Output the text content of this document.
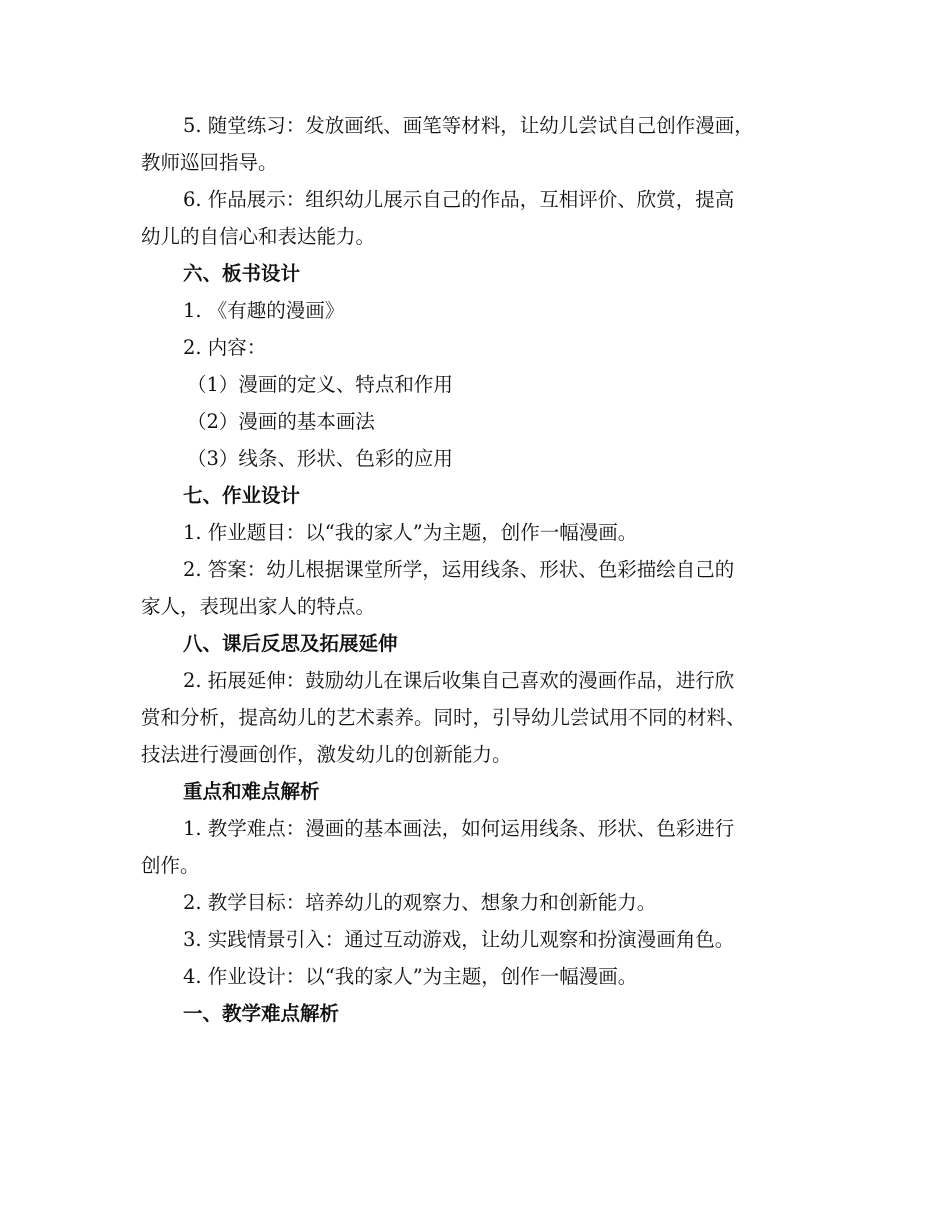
5. 随堂练习：发放画纸、画笔等材料，让幼儿尝试自己创作漫画，
教师巡回指导。
6. 作品展示：组织幼儿展示自己的作品，互相评价、欣赏，提高
幼儿的自信心和表达能力。
六、板书设计
1. 《有趣的漫画》
2. 内容：
（1）漫画的定义、特点和作用
（2）漫画的基本画法
（3）线条、形状、色彩的应用
七、作业设计
1. 作业题目：以“我的家人”为主题，创作一幅漫画。
2. 答案：幼儿根据课堂所学，运用线条、形状、色彩描绘自己的
家人，表现出家人的特点。
八、课后反思及拓展延伸
2. 拓展延伸：鼓励幼儿在课后收集自己喜欢的漫画作品，进行欣
赏和分析，提高幼儿的艺术素养。同时，引导幼儿尝试用不同的材料、
技法进行漫画创作，激发幼儿的创新能力。
重点和难点解析
1. 教学难点：漫画的基本画法，如何运用线条、形状、色彩进行
创作。
2. 教学目标：培养幼儿的观察力、想象力和创新能力。
3. 实践情景引入：通过互动游戏，让幼儿观察和扮演漫画角色。
4. 作业设计：以“我的家人”为主题，创作一幅漫画。
一、教学难点解析
